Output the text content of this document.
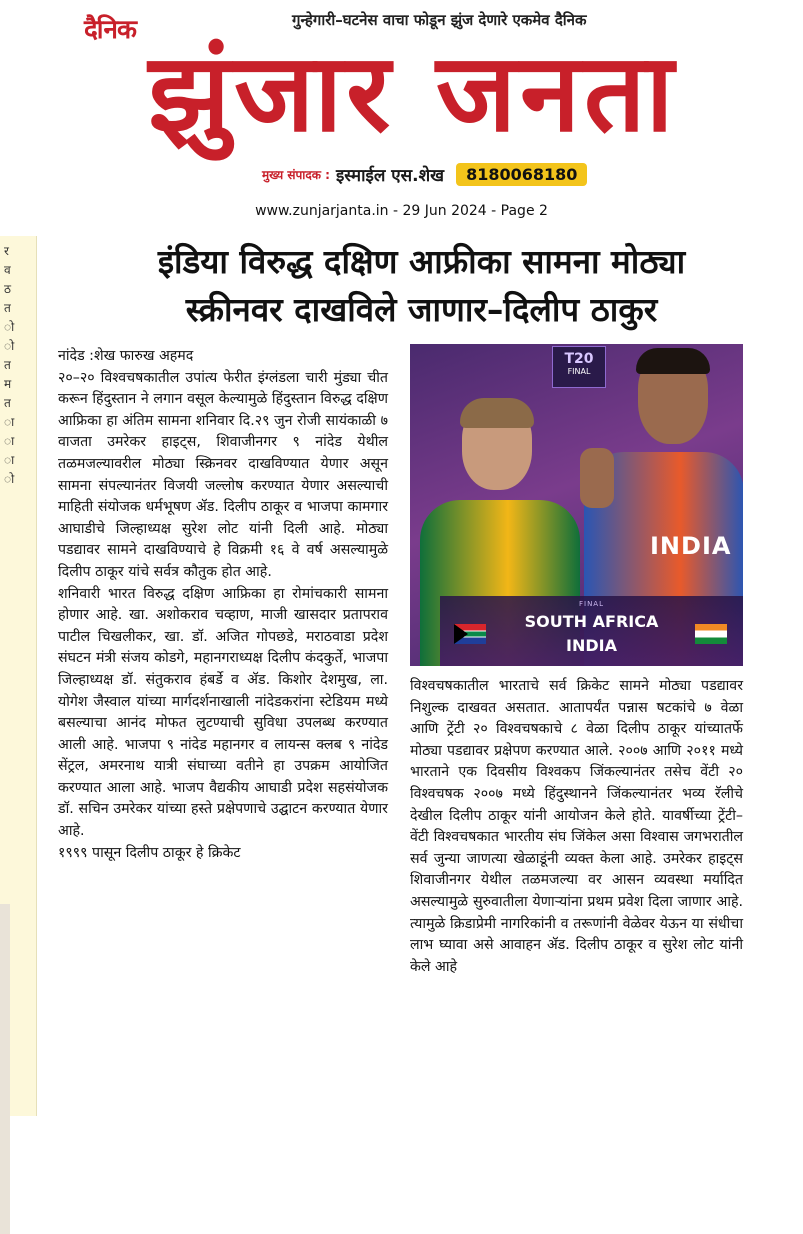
दैनिक	गुन्हेगारी–घटनेस वाचा फोडून झुंज देणारे एकमेव दैनिक
झुंजार जनता
मुख्य संपादक : इस्माईल एस.शेख	8180068180
www.zunjarjanta.in - 29 Jun 2024 - Page 2
र व ठ त ो ो त म त ा ा ा ो
इंडिया विरुद्ध दक्षिण आफ्रीका सामना मोठ्या
स्क्रीनवर दाखविले जाणार–दिलीप ठाकुर

नांदेड :शेख फारुख अहमद

२०–२० विश्वचषकातील उपांत्य फेरीत इंग्लंडला चारी मुंड्या चीत करून हिंदुस्तान ने लगान वसूल केल्यामुळे हिंदुस्तान विरुद्ध दक्षिण आफ्रिका हा अंतिम सामना शनिवार दि.२९ जुन रोजी सायंकाळी ७ वाजता उमरेकर हाइट्स, शिवाजीनगर ९ नांदेड येथील तळमजल्यावरील मोठ्या स्क्रिनवर दाखविण्यात येणार असून सामना संपल्यानंतर विजयी जल्लोष करण्यात येणार असल्याची माहिती संयोजक धर्मभूषण ॲड. दिलीप ठाकूर व भाजपा कामगार आघाडीचे जिल्हाध्यक्ष सुरेश लोट यांनी दिली आहे. मोठ्या पडद्यावर सामने दाखविण्याचे हे विक्रमी १६ वे वर्ष असल्यामुळे दिलीप ठाकूर यांचे सर्वत्र कौतुक होत आहे.

शनिवारी भारत विरुद्ध दक्षिण आफ्रिका हा रोमांचकारी सामना होणार आहे. खा. अशोकराव चव्हाण, माजी खासदार प्रतापराव पाटील चिखलीकर, खा. डॉ. अजित गोपछडे, मराठवाडा प्रदेश संघटन मंत्री संजय कोडगे, महानगराध्यक्ष दिलीप कंदकुर्ते, भाजपा जिल्हाध्यक्ष डॉ. संतुकराव हंबर्डे व ॲड. किशोर देशमुख, ला. योगेश जैस्वाल यांच्या मार्गदर्शनाखाली नांदेडकरांना स्टेडियम मध्ये बसल्याचा आनंद मोफत लुटण्याची सुविधा उपलब्ध करण्यात आली आहे. भाजपा ९ नांदेड महानगर व लायन्स क्लब ९ नांदेड सेंट्रल, अमरनाथ यात्री संघाच्या वतीने हा उपक्रम आयोजित करण्यात आला आहे. भाजप वैद्यकीय आघाडी प्रदेश सहसंयोजक डॉ. सचिन उमरेकर यांच्या हस्ते प्रक्षेपणाचे उद्घाटन करण्यात येणार आहे.

१९९९ पासून दिलीप ठाकूर हे क्रिकेट

T20
FINAL
INDIA
FINAL
SOUTH AFRICA
INDIA

विश्वचषकातील भारताचे सर्व क्रिकेट सामने मोठ्या पडद्यावर निशुल्क दाखवत असतात. आतापर्यंत पन्नास षटकांचे ७ वेळा आणि ट्रेंटी २० विश्वचषकाचे ८ वेळा दिलीप ठाकूर यांच्यातर्फे मोठ्या पडद्यावर प्रक्षेपण करण्यात आले. २००७ आणि २०११ मध्ये भारताने एक दिवसीय विश्वकप जिंकल्यानंतर तसेच वेंटी २० विश्वचषक २००७ मध्ये हिंदुस्थानने जिंकल्यानंतर भव्य रॅलीचे देखील दिलीप ठाकूर यांनी आयोजन केले होते. यावर्षीच्या ट्रेंटी– वेंटी विश्वचषकात भारतीय संघ जिंकेल असा विश्वास जगभरातील सर्व जुन्या जाणत्या खेळाडूंनी व्यक्त केला आहे. उमरेकर हाइट्स शिवाजीनगर येथील तळमजल्या वर आसन व्यवस्था मर्यादित असल्यामुळे सुरुवातीला येणाऱ्यांना प्रथम प्रवेश दिला जाणार आहे. त्यामुळे क्रिडाप्रेमी नागरिकांनी व तरूणांनी वेळेवर येऊन या संधीचा लाभ घ्यावा असे आवाहन ॲड. दिलीप ठाकूर व सुरेश लोट यांनी केले आहे
